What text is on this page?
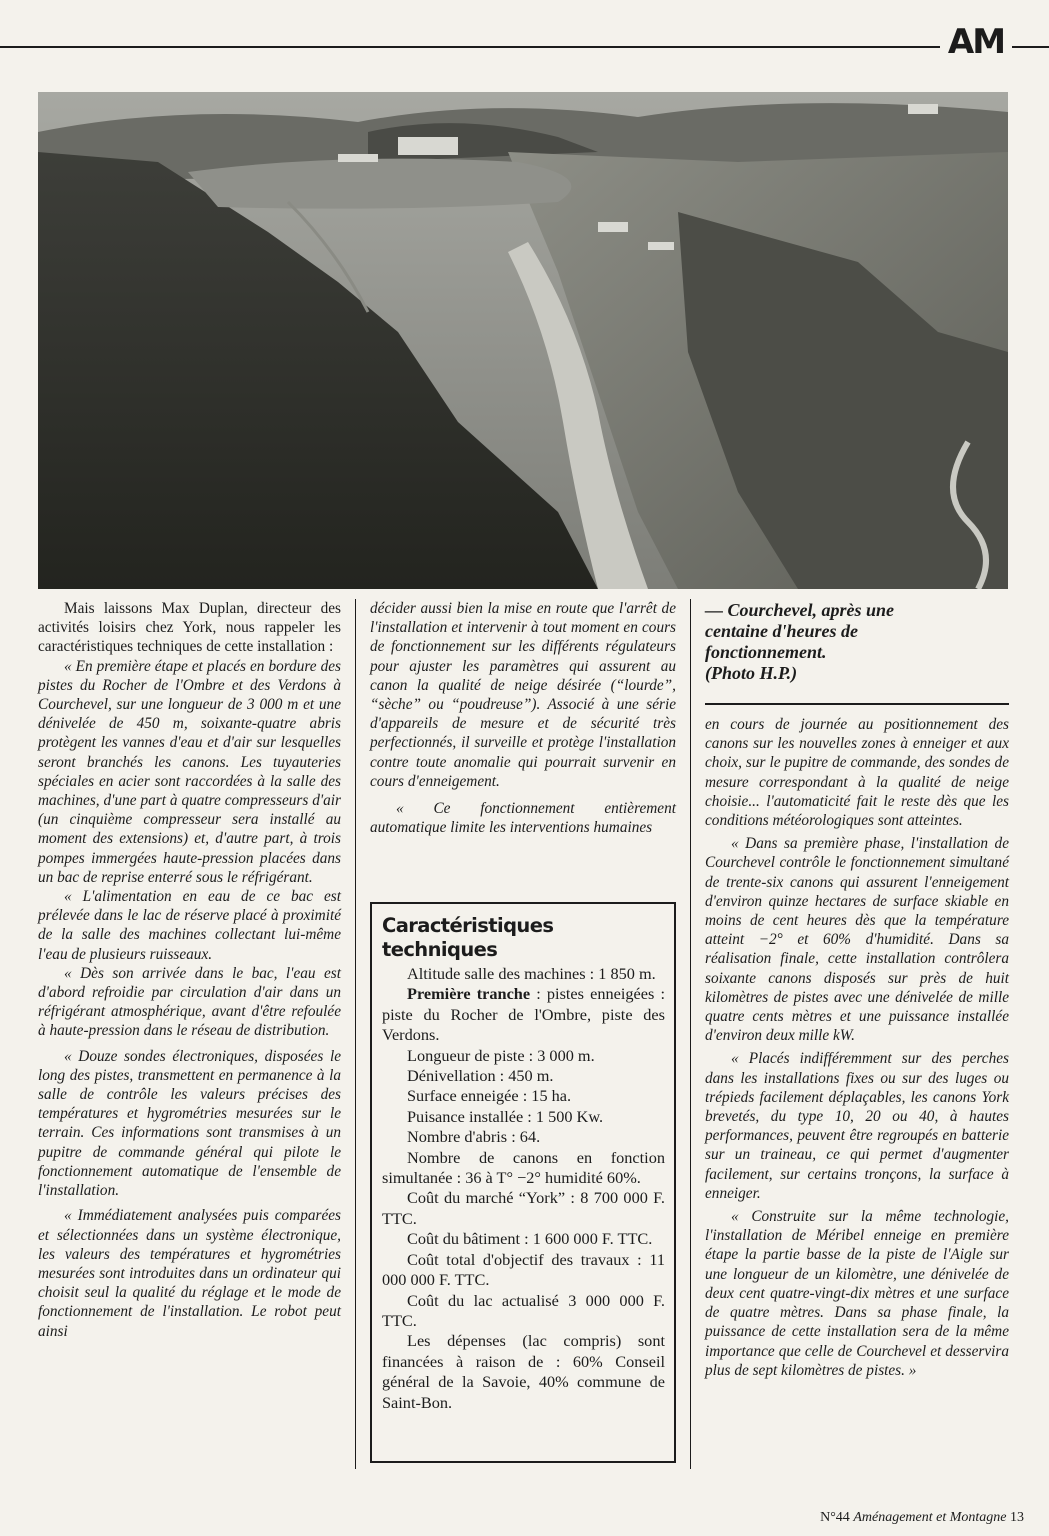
AM

Mais laissons Max Duplan, directeur des activités loisirs chez York, nous rappeler les caractéristiques techniques de cette installation :

« En première étape et placés en bordure des pistes du Rocher de l'Ombre et des Verdons à Courchevel, sur une longueur de 3 000 m et une dénivelée de 450 m, soixante-quatre abris protègent les vannes d'eau et d'air sur lesquelles seront branchés les canons. Les tuyauteries spéciales en acier sont raccordées à la salle des machines, d'une part à quatre compresseurs d'air (un cinquième compresseur sera installé au moment des extensions) et, d'autre part, à trois pompes immergées haute-pression placées dans un bac de reprise enterré sous le réfrigérant.

« L'alimentation en eau de ce bac est prélevée dans le lac de réserve placé à proximité de la salle des machines collectant lui-même l'eau de plusieurs ruisseaux.

« Dès son arrivée dans le bac, l'eau est d'abord refroidie par circulation d'air dans un réfrigérant atmosphérique, avant d'être refoulée à haute-pression dans le réseau de distribution.

« Douze sondes électroniques, disposées le long des pistes, transmettent en permanence à la salle de contrôle les valeurs précises des températures et hygrométries mesurées sur le terrain. Ces informations sont transmises à un pupitre de commande général qui pilote le fonctionnement automatique de l'ensemble de l'installation.

« Immédiatement analysées puis comparées et sélectionnées dans un système électronique, les valeurs des températures et hygrométries mesurées sont introduites dans un ordinateur qui choisit seul la qualité du réglage et le mode de fonctionnement de l'installation. Le robot peut ainsi

décider aussi bien la mise en route que l'arrêt de l'installation et intervenir à tout moment en cours de fonctionnement sur les différents régulateurs pour ajuster les paramètres qui assurent au canon la qualité de neige désirée (“lourde”, “sèche” ou “poudreuse”). Associé à une série d'appareils de mesure et de sécurité très perfectionnés, il surveille et protège l'installation contre toute anomalie qui pourrait survenir en cours d'enneigement.

« Ce fonctionnement entièrement automatique limite les interventions humaines

Caractéristiques techniques

Altitude salle des machines : 1 850 m.

Première tranche : pistes enneigées : piste du Rocher de l'Ombre, piste des Verdons.

Longueur de piste : 3 000 m.

Dénivellation : 450 m.

Surface enneigée : 15 ha.

Puisance installée : 1 500 Kw.

Nombre d'abris : 64.

Nombre de canons en fonction simultanée : 36 à T° −2° humidité 60%.

Coût du marché “York” : 8 700 000 F. TTC.

Coût du bâtiment : 1 600 000 F. TTC.

Coût total d'objectif des travaux : 11 000 000 F. TTC.

Coût du lac actualisé 3 000 000 F. TTC.

Les dépenses (lac compris) sont financées à raison de : 60% Conseil général de la Savoie, 40% commune de Saint-Bon.

— Courchevel, après une
centaine d'heures de
fonctionnement.
(Photo H.P.)

en cours de journée au positionnement des canons sur les nouvelles zones à enneiger et aux choix, sur le pupitre de commande, des sondes de mesure correspondant à la qualité de neige choisie... l'automaticité fait le reste dès que les conditions météorologiques sont atteintes.

« Dans sa première phase, l'installation de Courchevel contrôle le fonctionnement simultané de trente-six canons qui assurent l'enneigement d'environ quinze hectares de surface skiable en moins de cent heures dès que la température atteint −2° et 60% d'humidité. Dans sa réalisation finale, cette installation contrôlera soixante canons disposés sur près de huit kilomètres de pistes avec une dénivelée de mille quatre cents mètres et une puissance installée d'environ deux mille kW.

« Placés indifféremment sur des perches dans les installations fixes ou sur des luges ou trépieds facilement déplaçables, les canons York brevetés, du type 10, 20 ou 40, à hautes performances, peuvent être regroupés en batterie sur un traineau, ce qui permet d'augmenter facilement, sur certains tronçons, la surface à enneiger.

« Construite sur la même technologie, l'installation de Méribel enneige en première étape la partie basse de la piste de l'Aigle sur une longueur de un kilomètre, une dénivelée de deux cent quatre-vingt-dix mètres et une surface de quatre mètres. Dans sa phase finale, la puissance de cette installation sera de la même importance que celle de Courchevel et desservira plus de sept kilomètres de pistes. »

N°44 Aménagement et Montagne 13
